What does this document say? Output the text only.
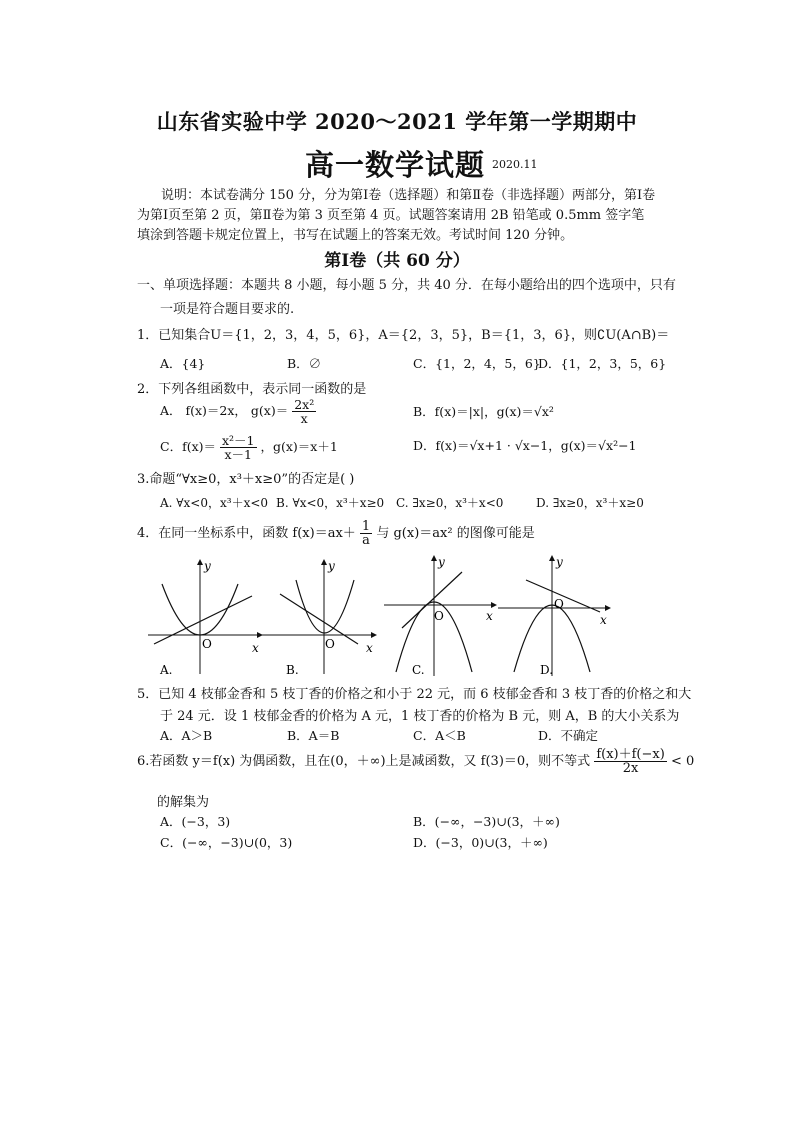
山东省实验中学 2020～2021 学年第一学期期中
高一数学试题 2020.11
说明：本试卷满分 150 分，分为第Ⅰ卷（选择题）和第Ⅱ卷（非选择题）两部分，第Ⅰ卷为第Ⅰ页至第 2 页，第Ⅱ卷为第 3 页至第 4 页。试题答案请用 2B 铅笔或 0.5mm 签字笔填涂到答题卡规定位置上，书写在试题上的答案无效。考试时间 120 分钟。
第Ⅰ卷（共 60 分）
一、单项选择题：本题共 8 小题，每小题 5 分，共 40 分．在每小题给出的四个选项中，只有
一项是符合题目要求的.
1．已知集合U＝{1，2，3，4，5，6}，A＝{2，3，5}，B＝{1，3，6}，则∁U(A∩B)＝
A．{4}	B．∅	C．{1，2，4，5，6}
D．{1，2，3，5，6}
2．下列各组函数中，表示同一函数的是
A． f(x)＝2x， $g(x)= \frac{\text{2x²}}{x}$	B．f(x)＝|x|，g(x)＝√x²
C．$f(x)= \frac{\text{x²－1}}{x-1}$ ，g(x)＝x＋1	D．f(x)＝√x+1 · √x−1，g(x)＝√x²−1
3.命题“∀x≥0，x³＋x≥0”的否定是( )
A. ∀x<0，x³＋x<0 B. ∀x<0，x³＋x≥0 C. ∃x≥0，x³＋x<0	D. ∃x≥0，x³＋x≥0
4．在同一坐标系中，函数 $f(x)=ax+ \frac{1}{a}$ 与 g(x)＝ax² 的图像可能是
y
x
O
A.
y
x
O
B.
y
x
O
C.
y
x
O
D.
5．已知 4 枝郁金香和 5 枝丁香的价格之和小于 22 元，而 6 枝郁金香和 3 枝丁香的价格之和大
于 24 元．设 1 枝郁金香的价格为 A 元，1 枝丁香的价格为 B 元，则 A，B 的大小关系为
A．A＞B	B．A＝B	C．A＜B	D．不确定
6.若函数 y＝f(x) 为偶函数，且在(0，＋∞)上是减函数，又 f(3)＝0，则不等式 $\frac{f(x)+f(-x)}{2x} < 0$
的解集为
A．(−3，3)	B．(−∞，−3)∪(3，＋∞)
C．(−∞，−3)∪(0，3)	D．(−3，0)∪(3，＋∞)
